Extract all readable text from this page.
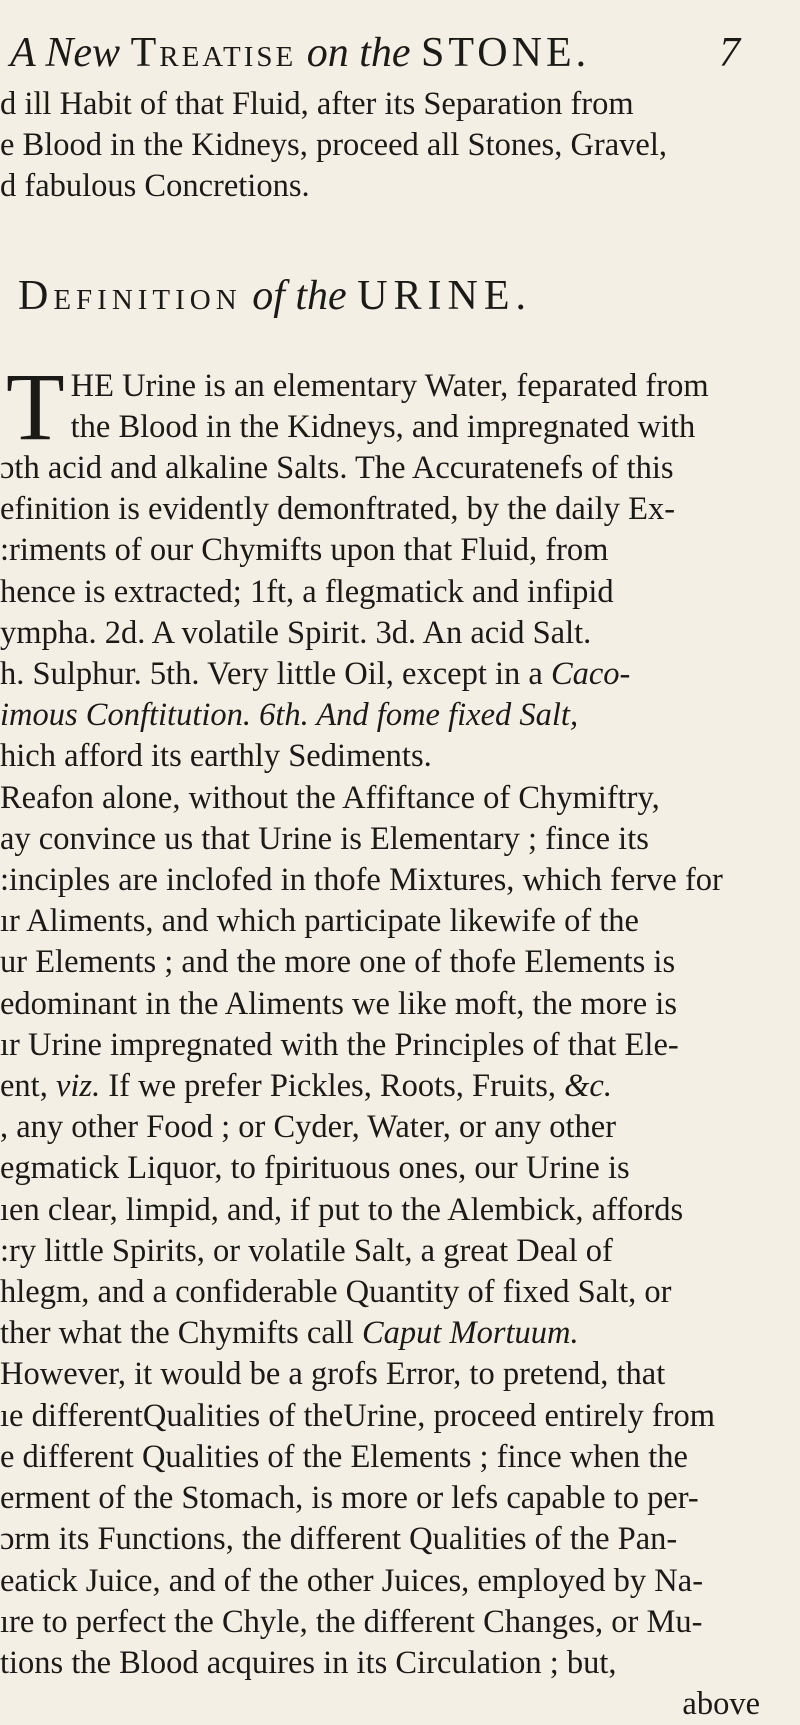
A New Treatise on the STONE.	7

d ill Habit of that Fluid, after its Separation from
e Blood in the Kidneys, proceed all Stones, Gravel,
d fabulous Concretions.

Definition of the URINE.
T HE Urine is an elementary Water, feparated from
the Blood in the Kidneys, and impregnated with
ɔth acid and alkaline Salts. The Accuratenefs of this
efinition is evidently demonftrated, by the daily Ex-
:riments of our Chymifts upon that Fluid, from
hence is extracted; 1ft, a flegmatick and infipid
ympha. 2d. A volatile Spirit. 3d. An acid Salt.
h. Sulphur. 5th. Very little Oil, except in a Caco-
imous Conftitution. 6th. And fome fixed Salt,
hich afford its earthly Sediments.
Reafon alone, without the Affiftance of Chymiftry,
ay convince us that Urine is Elementary ; fince its
:inciples are inclofed in thofe Mixtures, which ferve for
ır Aliments, and which participate likewife of the
ur Elements ; and the more one of thofe Elements is
edominant in the Aliments we like moft, the more is
ır Urine impregnated with the Principles of that Ele-
ent, viz. If we prefer Pickles, Roots, Fruits, &c.
, any other Food ; or Cyder, Water, or any other
egmatick Liquor, to fpirituous ones, our Urine is
ıen clear, limpid, and, if put to the Alembick, affords
:ry little Spirits, or volatile Salt, a great Deal of
hlegm, and a confiderable Quantity of fixed Salt, or
ther what the Chymifts call Caput Mortuum.
However, it would be a grofs Error, to pretend, that
ıe differentQualities of theUrine, proceed entirely from
e different Qualities of the Elements ; fince when the
erment of the Stomach, is more or lefs capable to per-
ɔrm its Functions, the different Qualities of the Pan-
eatick Juice, and of the other Juices, employed by Na-
ıre to perfect the Chyle, the different Changes, or Mu-
tions the Blood acquires in its Circulation ; but,
above
